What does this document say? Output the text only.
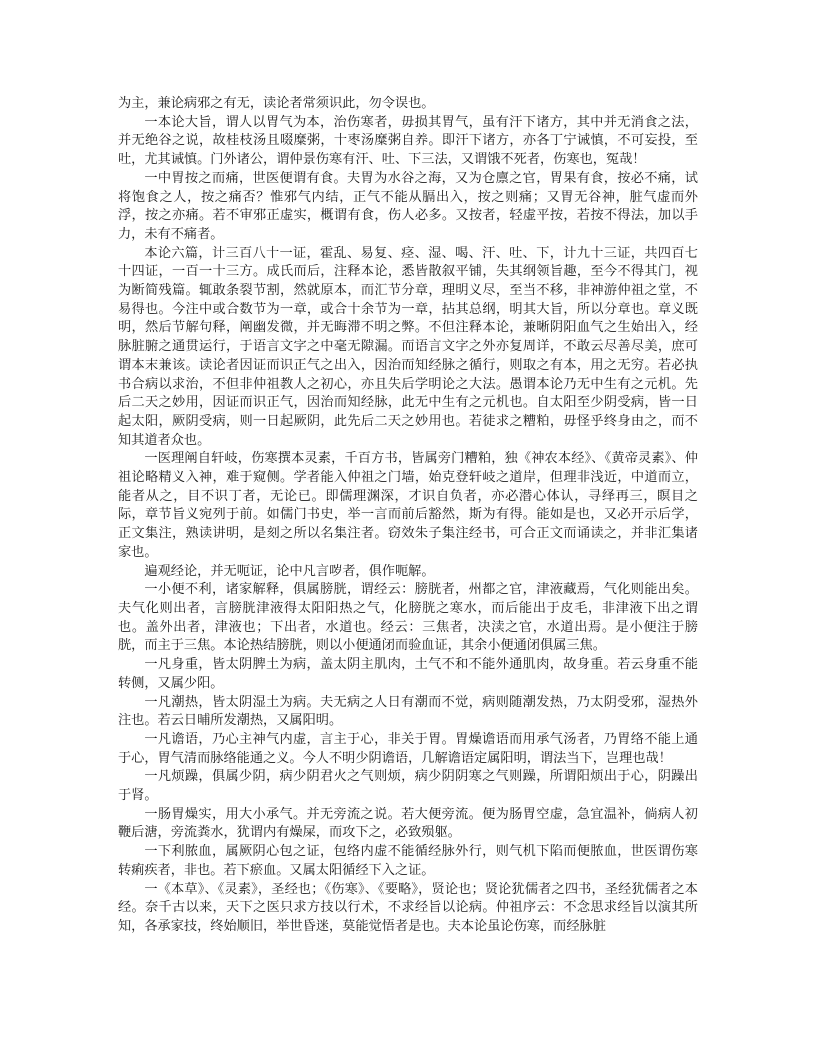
为主，兼论病邪之有无，读论者常须识此，勿令误也。

一本论大旨，谓人以胃气为本，治伤寒者，毋损其胃气，虽有汗下诸方，其中并无消食之法，并无绝谷之说，故桂枝汤且啜糜粥，十枣汤糜粥自养。即汗下诸方，亦各丁宁诫慎，不可妄投，至吐，尤其诫慎。门外诸公，谓仲景伤寒有汗、吐、下三法，又谓饿不死者，伤寒也，冤哉！

一中胃按之而痛，世医便谓有食。夫胃为水谷之海，又为仓廪之官，胃果有食，按必不痛，试将饱食之人，按之痛否？惟邪气内结，正气不能从膈出入，按之则痛；又胃无谷神，脏气虚而外浮，按之亦痛。若不审邪正虚实，概谓有食，伤人必多。又按者，轻虚平按，若按不得法，加以手力，未有不痛者。

本论六篇，计三百八十一证，霍乱、易复、痉、湿、喝、汗、吐、下，计九十三证，共四百七十四证，一百一十三方。成氏而后，注释本论，悉皆散叙平铺，失其纲领旨趣，至今不得其门，视为断简残篇。辄敢条裂节割，然就原本，而汇节分章，理明义尽，至当不移，非神游仲祖之堂，不易得也。今注中或合数节为一章，或合十余节为一章，拈其总纲，明其大旨，所以分章也。章义既明，然后节解句释，阐幽发微，并无晦滞不明之弊。不但注释本论，兼晰阴阳血气之生始出入，经脉脏腑之通贯运行，于语言文字之中毫无隙漏。而语言文字之外亦复周详，不敢云尽善尽美，庶可谓本末兼该。读论者因证而识正气之出入，因治而知经脉之循行，则取之有本，用之无穷。若必执书合病以求治，不但非仲祖教人之初心，亦且失后学明论之大法。愚谓本论乃无中生有之元机。先后二天之妙用，因证而识正气，因治而知经脉，此无中生有之元机也。自太阳至少阴受病，皆一日起太阳，厥阴受病，则一日起厥阴，此先后二天之妙用也。若徒求之糟粕，毋怪乎终身由之，而不知其道者众也。

一医理阐自轩岐，伤寒撰本灵素，千百方书，皆属旁门糟粕，独《神农本经》、《黄帝灵素》、仲祖论略精义入神，难于窥侧。学者能入仲祖之门墙，始克登轩岐之道岸，但理非浅近，中道而立，能者从之，目不识丁者，无论已。即儒理渊深，才识自负者，亦必潜心体认，寻绎再三，瞑目之际，章节旨义宛列于前。如儒门书史，举一言而前后豁然，斯为有得。能如是也，又必开示后学，正文集注，熟读讲明，是刻之所以名集注者。窃效朱子集注经书，可合正文而诵读之，并非汇集诸家也。

遍观经论，并无呃证，论中凡言哕者，俱作呃解。

一小便不利，诸家解释，俱属膀胱，谓经云：膀胱者，州都之官，津液藏焉，气化则能出矣。夫气化则出者，言膀胱津液得太阳阳热之气，化膀胱之寒水，而后能出于皮毛，非津液下出之谓也。盖外出者，津液也；下出者，水道也。经云：三焦者，决渎之官，水道出焉。是小便注于膀胱，而主于三焦。本论热结膀胱，则以小便通闭而验血证，其余小便通闭俱属三焦。

一凡身重，皆太阴脾土为病，盖太阴主肌肉，土气不和不能外通肌肉，故身重。若云身重不能转侧，又属少阳。

一凡潮热，皆太阴湿土为病。夫无病之人日有潮而不觉，病则随潮发热，乃太阴受邪，湿热外注也。若云日晡所发潮热，又属阳明。

一凡谵语，乃心主神气内虚，言主于心，非关于胃。胃燥谵语而用承气汤者，乃胃络不能上通于心，胃气清而脉络能通之义。今人不明少阴谵语，几解谵语定属阳明，谓法当下，岂理也哉！

一凡烦躁，俱属少阴，病少阴君火之气则烦，病少阴阴寒之气则躁，所谓阳烦出于心，阴躁出于肾。

一肠胃燥实，用大小承气。并无旁流之说。若大便旁流。便为肠胃空虚，急宜温补，倘病人初鞭后溏，旁流粪水，犹谓内有燥屎，而攻下之，必致殒躯。

一下利脓血，属厥阴心包之证，包络内虚不能循经脉外行，则气机下陷而便脓血，世医谓伤寒转痢疾者，非也。若下瘀血。又属太阳循经下入之证。

一《本草》、《灵素》，圣经也；《伤寒》、《要略》，贤论也；贤论犹儒者之四书，圣经犹儒者之本经。奈千古以来，天下之医只求方技以行术，不求经旨以论病。仲祖序云：不念思求经旨以演其所知，各承家技，终始顺旧，举世昏迷，莫能觉悟者是也。夫本论虽论伤寒，而经脉脏
